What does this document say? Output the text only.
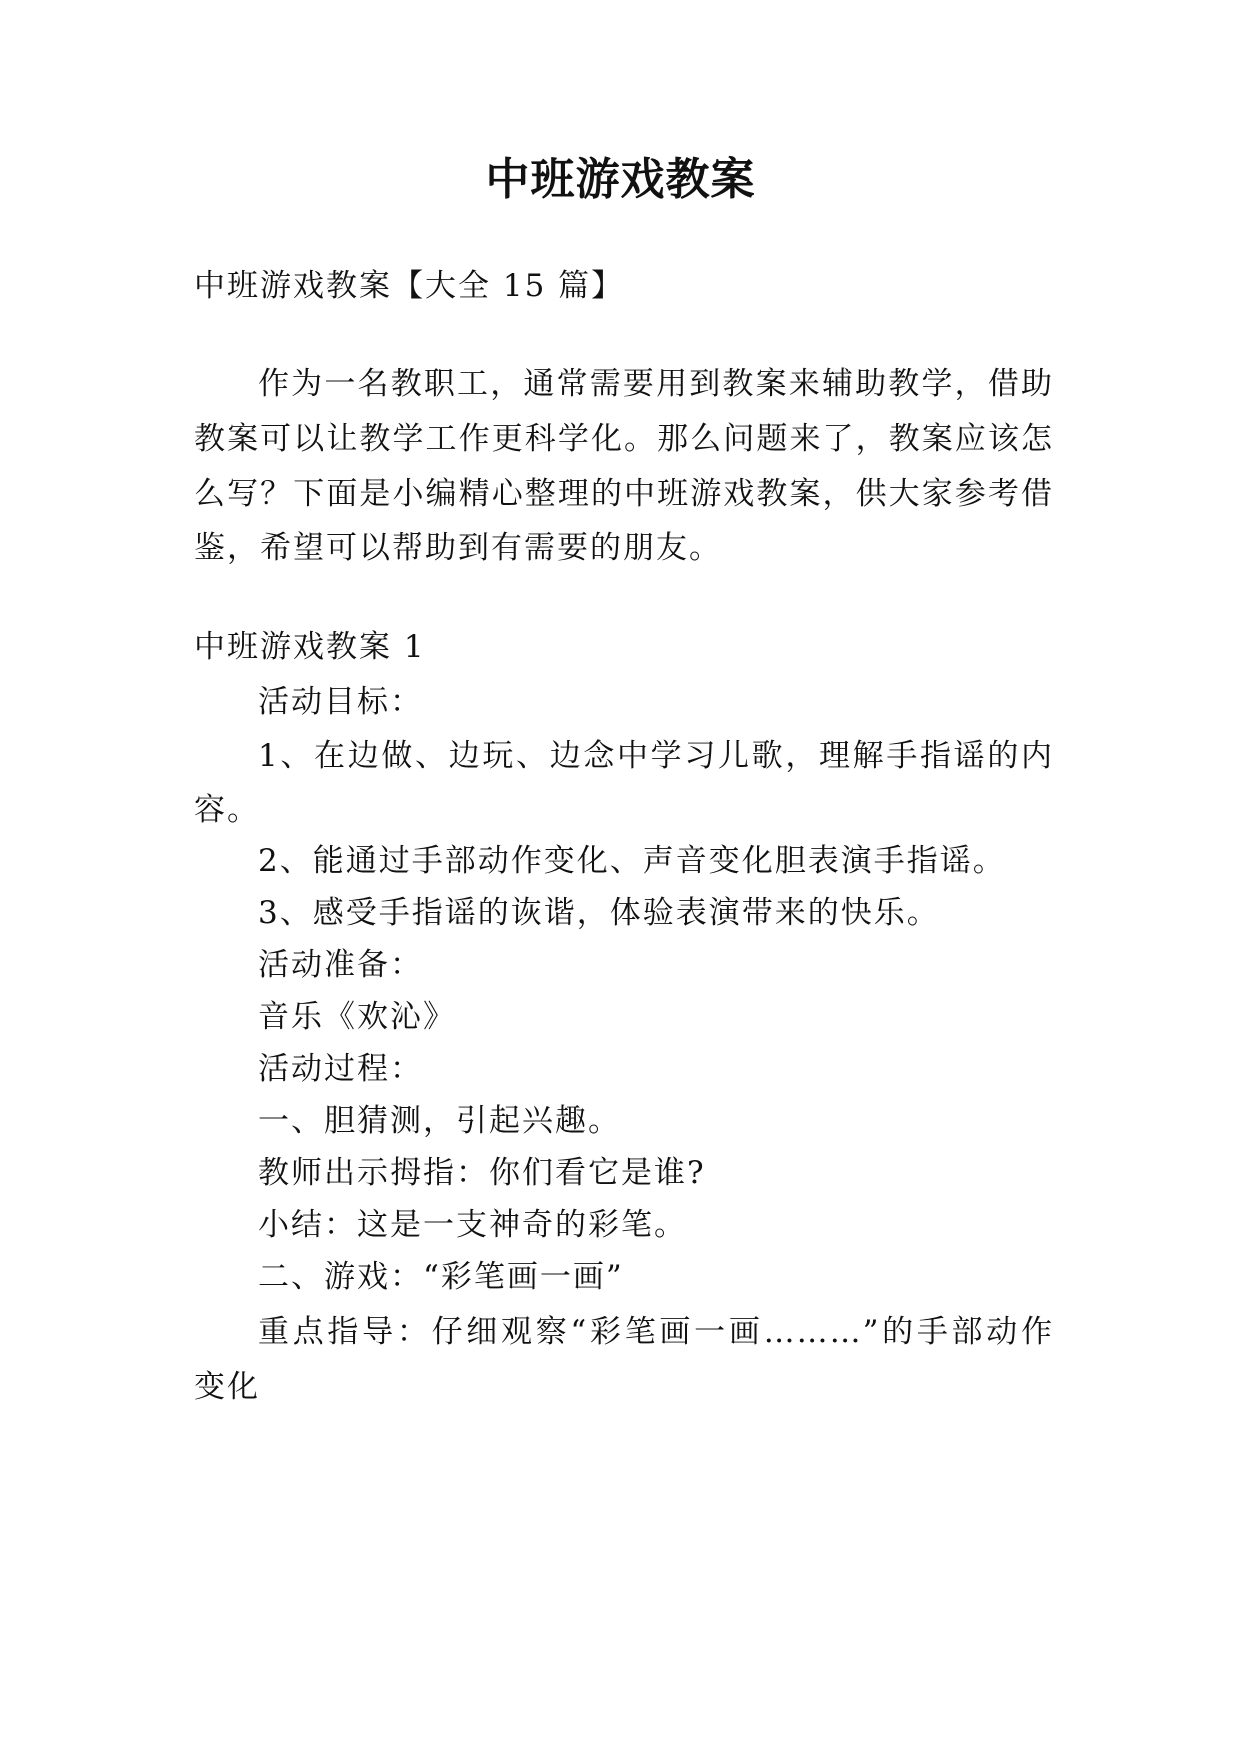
中班游戏教案
中班游戏教案【大全 15 篇】
作为一名教职工，通常需要用到教案来辅助教学，借助
教案可以让教学工作更科学化。那么问题来了，教案应该怎
么写？下面是小编精心整理的中班游戏教案，供大家参考借
鉴，希望可以帮助到有需要的朋友。
中班游戏教案 1
活动目标：
1、在边做、边玩、边念中学习儿歌，理解手指谣的内
容。
2、能通过手部动作变化、声音变化胆表演手指谣。
3、感受手指谣的诙谐，体验表演带来的快乐。
活动准备：
音乐《欢沁》
活动过程：
一、胆猜测，引起兴趣。
教师出示拇指：你们看它是谁?
小结：这是一支神奇的彩笔。
二、游戏：“彩笔画一画”
重点指导：仔细观察“彩笔画一画………”的手部动作
变化
